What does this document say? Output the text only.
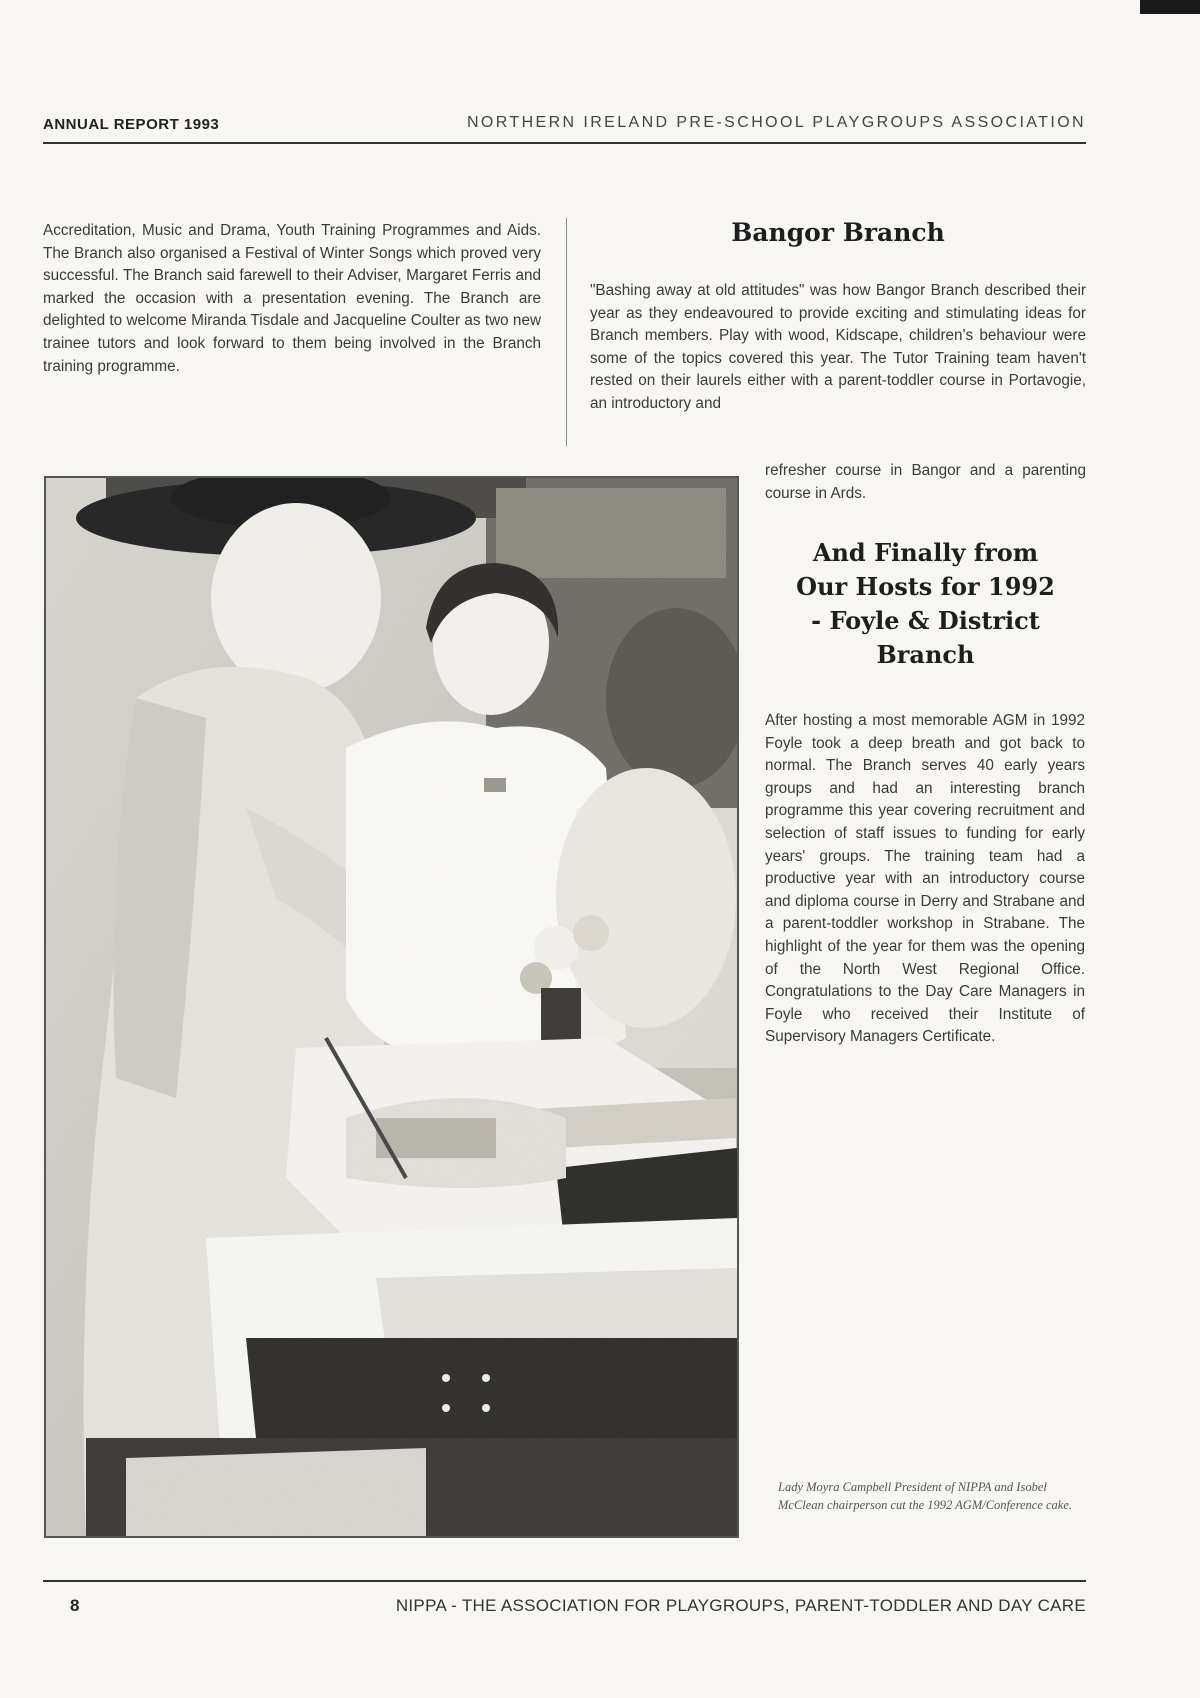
ANNUAL REPORT 1993	NORTHERN IRELAND PRE-SCHOOL PLAYGROUPS ASSOCIATION

Accreditation, Music and Drama, Youth Training Programmes and Aids. The Branch also organised a Festival of Winter Songs which proved very successful. The Branch said farewell to their Adviser, Margaret Ferris and marked the occasion with a presentation evening. The Branch are delighted to welcome Miranda Tisdale and Jacqueline Coulter as two new trainee tutors and look forward to them being involved in the Branch training programme.

Bangor Branch

"Bashing away at old attitudes" was how Bangor Branch described their year as they endeavoured to provide exciting and stimulating ideas for Branch members. Play with wood, Kidscape, children's behaviour were some of the topics covered this year. The Tutor Training team haven't rested on their laurels either with a parent-toddler course in Portavogie, an introductory and

refresher course in Bangor and a parenting course in Ards.

And Finally from
Our Hosts for 1992
- Foyle & District
Branch

After hosting a most memorable AGM in 1992 Foyle took a deep breath and got back to normal. The Branch serves 40 early years groups and had an interesting branch programme this year covering recruitment and selection of staff issues to funding for early years' groups. The training team had a productive year with an introductory course and diploma course in Derry and Strabane and a parent-toddler workshop in Strabane. The highlight of the year for them was the opening of the North West Regional Office. Congratulations to the Day Care Managers in Foyle who received their Institute of Supervisory Managers Certificate.

Lady Moyra Campbell President of NIPPA and Isobel McClean chairperson cut the 1992 AGM/Conference cake.
8	NIPPA - THE ASSOCIATION FOR PLAYGROUPS, PARENT-TODDLER AND DAY CARE
